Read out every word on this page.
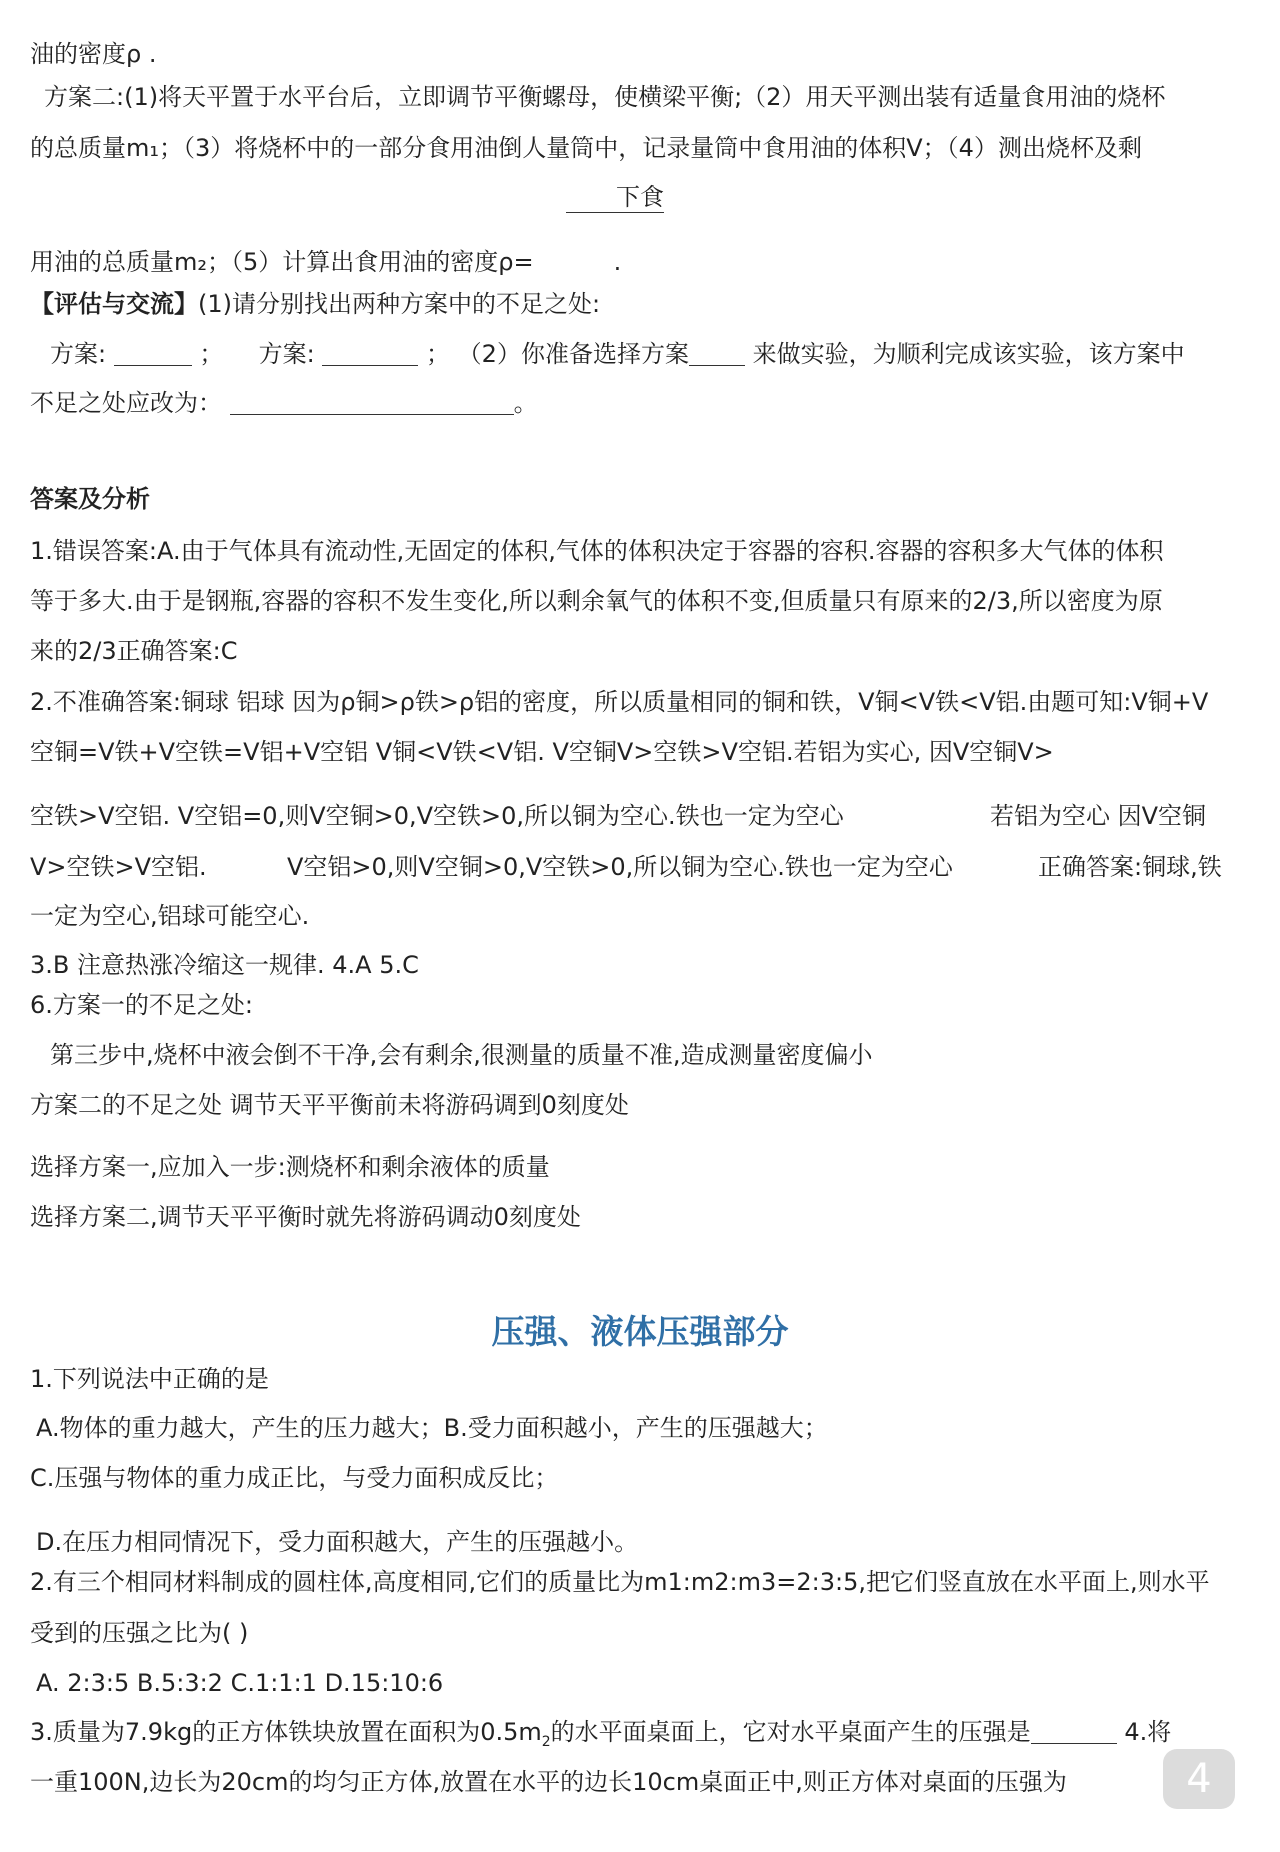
油的密度ρ .
方案二:(1)将天平置于水平台后，立即调节平衡螺母，使横梁平衡;（2）用天平测出装有适量食用油的烧杯
的总质量m₁；（3）将烧杯中的一部分食用油倒人量筒中，记录量筒中食用油的体积V；（4）测出烧杯及剩
下食
用油的总质量m₂；（5）计算出食用油的密度ρ=	.
【评估与交流】(1)请分别找出两种方案中的不足之处:
方案:	； 方案:	； （2）你准备选择方案	来做实验，为顺利完成该实验，该方案中
不足之处应改为：	。
答案及分析
1.错误答案:A.由于气体具有流动性,无固定的体积,气体的体积决定于容器的容积.容器的容积多大气体的体积
等于多大.由于是钢瓶,容器的容积不发生变化,所以剩余氧气的体积不变,但质量只有原来的2/3,所以密度为原
来的2/3正确答案:C
2.不准确答案:铜球 铝球 因为ρ铜>ρ铁>ρ铝的密度，所以质量相同的铜和铁，V铜<V铁<V铝.由题可知:V铜+V
空铜=V铁+V空铁=V铝+V空铝 V铜<V铁<V铝. V空铜V>空铁>V空铝.若铝为实心, 因V空铜V>
空铁>V空铝. V空铝=0,则V空铜>0,V空铁>0,所以铜为空心.铁也一定为空心	若铝为空心 因V空铜
V>空铁>V空铝.	V空铝>0,则V空铜>0,V空铁>0,所以铜为空心.铁也一定为空心	正确答案:铜球,铁
一定为空心,铝球可能空心.
3.B 注意热涨冷缩这一规律. 4.A 5.C
6.方案一的不足之处:
第三步中,烧杯中液会倒不干净,会有剩余,很测量的质量不准,造成测量密度偏小
方案二的不足之处 调节天平平衡前未将游码调到0刻度处
选择方案一,应加入一步:测烧杯和剩余液体的质量
选择方案二,调节天平平衡时就先将游码调动0刻度处
压强、液体压强部分
1.下列说法中正确的是
A.物体的重力越大，产生的压力越大；B.受力面积越小，产生的压强越大；
C.压强与物体的重力成正比，与受力面积成反比；
D.在压力相同情况下，受力面积越大，产生的压强越小。
2.有三个相同材料制成的圆柱体,高度相同,它们的质量比为m1:m2:m3=2:3:5,把它们竖直放在水平面上,则水平
受到的压强之比为( )
A. 2:3:5 B.5:3:2 C.1:1:1 D.15:10:6
3.质量为7.9kg的正方体铁块放置在面积为$0.5m_2$的水平面桌面上，它对水平桌面产生的压强是	4.将
一重100N,边长为20cm的均匀正方体,放置在水平的边长10cm桌面正中,则正方体对桌面的压强为	4
